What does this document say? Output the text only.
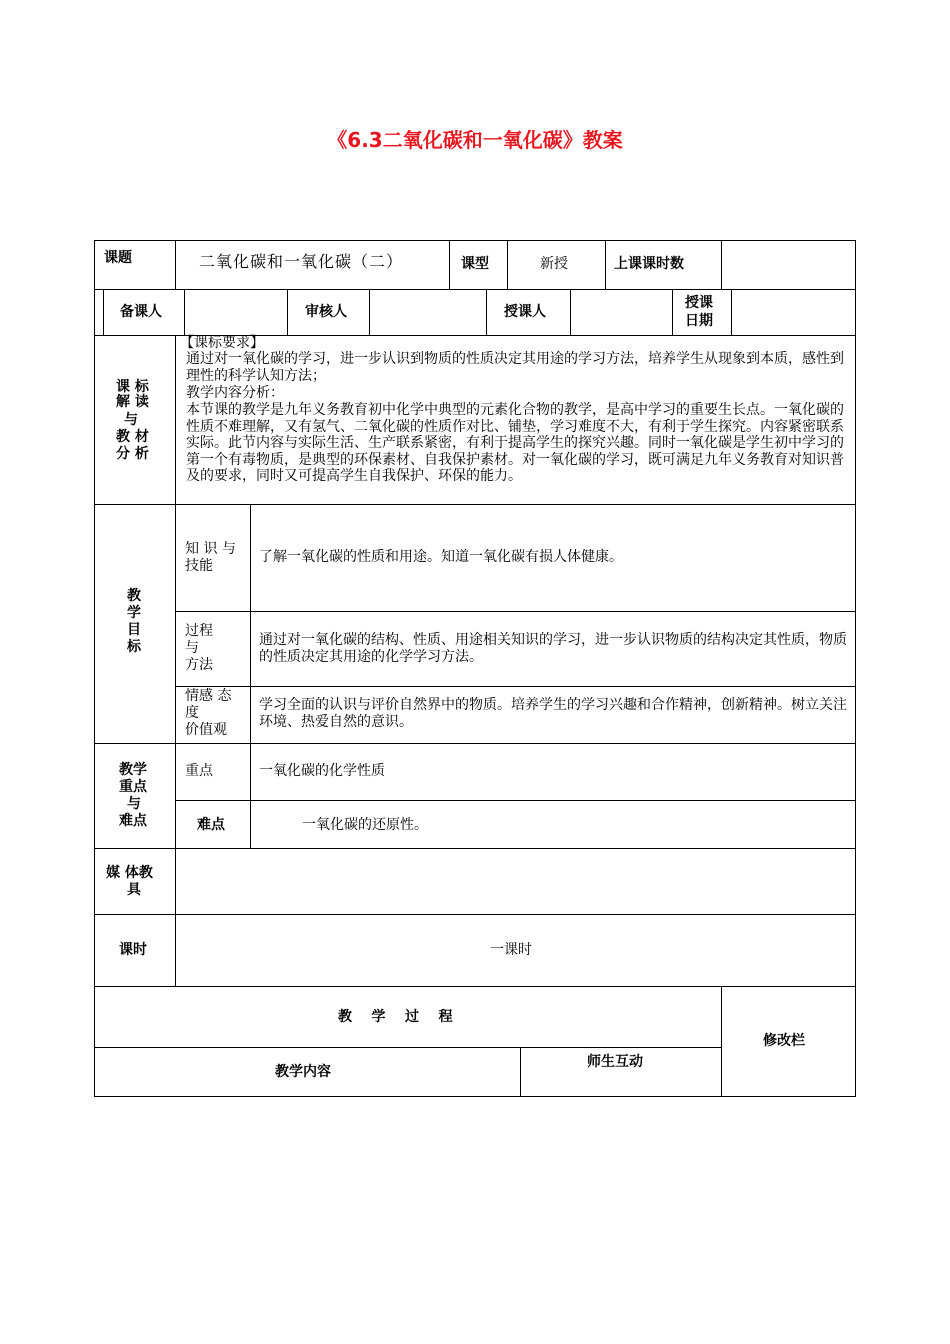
《6.3二氧化碳和一氧化碳》教案
课题	二氧化碳和一氧化碳（二）	课型	新授	上课课时数
备课人	审核人	授课人
授课
日期
课 标
解 读
与
教 材
分 析
【课标要求】
通过对一氧化碳的学习，进一步认识到物质的性质决定其用途的学习方法，培养学生从现象到本质，感性到理性的科学认知方法；
教学内容分析：
本节课的教学是九年义务教育初中化学中典型的元素化合物的教学，是高中学习的重要生长点。一氧化碳的性质不难理解，又有氢气、二氧化碳的性质作对比、铺垫，学习难度不大，有利于学生探究。内容紧密联系实际。此节内容与实际生活、生产联系紧密，有利于提高学生的探究兴趣。同时一氧化碳是学生初中学习的第一个有毒物质，是典型的环保素材、自我保护素材。对一氧化碳的学习，既可满足九年义务教育对知识普及的要求，同时又可提高学生自我保护、环保的能力。
教
学
目
标
知 识 与
技能
了解一氧化碳的性质和用途。知道一氧化碳有损人体健康。
过程
与
方法
通过对一氧化碳的结构、性质、用途相关知识的学习，进一步认识物质的结构决定其性质，物质的性质决定其用途的化学学习方法。
情感 态
度
价值观
学习全面的认识与评价自然界中的物质。培养学生的学习兴趣和合作精神，创新精神。树立关注环境、热爱自然的意识。
教学
重点
与
难点
重点	一氧化碳的化学性质
难点	一氧化碳的还原性。
媒 体教
具
课时	一课时
教    学    过    程
修改栏
教学内容
师生互动
